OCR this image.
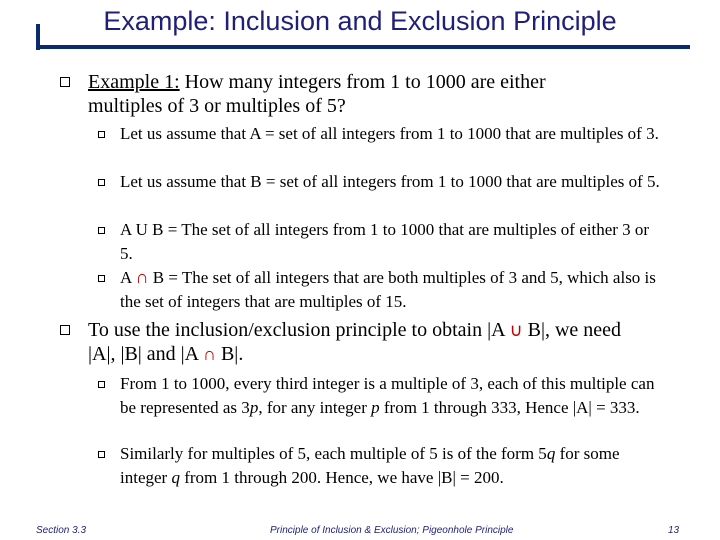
Example: Inclusion and Exclusion Principle
Example 1: How many integers from 1 to 1000 are either multiples of 3 or multiples of 5?
Let us assume that A = set of all integers from 1 to 1000 that are multiples of 3.
Let us assume that B = set of all integers from 1 to 1000 that are multiples of 5.
A U B = The set of all integers from 1 to 1000 that are multiples of either 3 or 5.
A ∩ B = The set of all integers that are both multiples of 3 and 5, which also is the set of integers that are multiples of 15.
To use the inclusion/exclusion principle to obtain |A ∪ B|, we need |A|, |B| and |A ∩ B|.
From 1 to 1000, every third integer is a multiple of 3, each of this multiple can be represented as 3p, for any integer p from 1 through 333, Hence |A| = 333.
Similarly for multiples of 5, each multiple of 5 is of the form 5q for some integer q from 1 through 200. Hence, we have |B| = 200.
Section 3.3	Principle of Inclusion & Exclusion; Pigeonhole Principle	13
